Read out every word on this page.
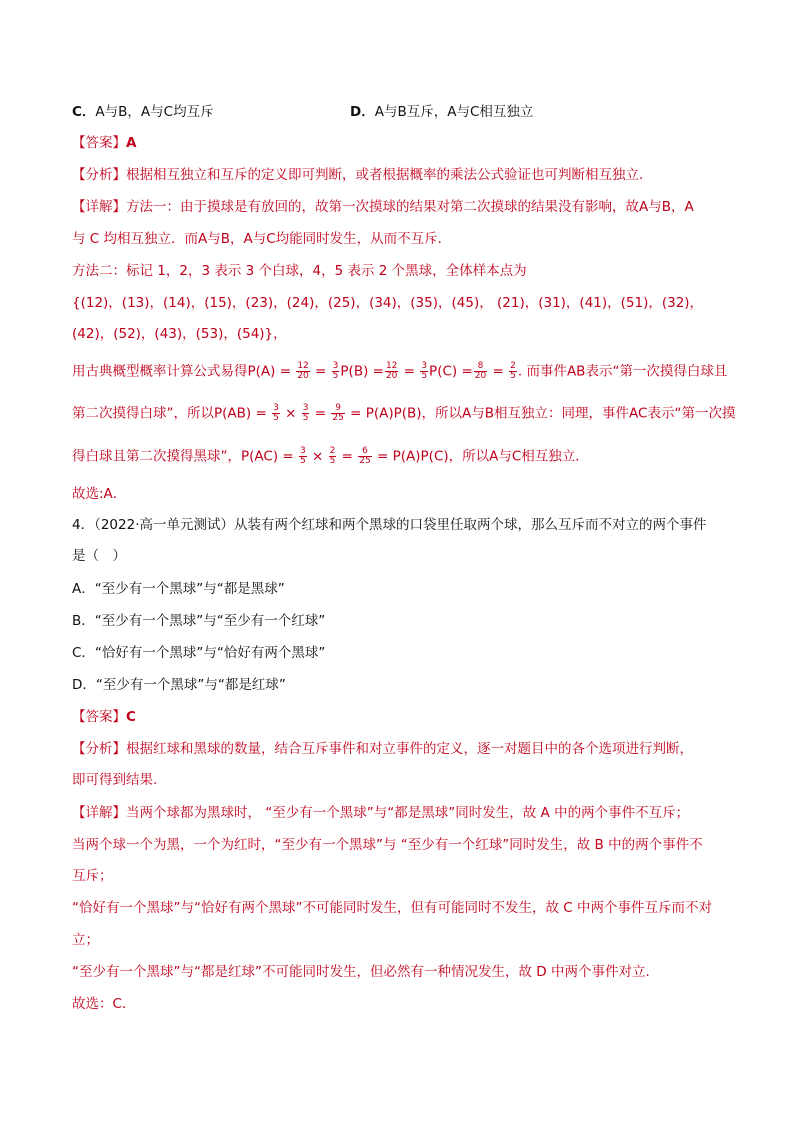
C．A与B，A与C均互斥	D．A与B互斥，A与C相互独立
【答案】A
【分析】根据相互独立和互斥的定义即可判断，或者根据概率的乘法公式验证也可判断相互独立.
【详解】方法一：由于摸球是有放回的，故第一次摸球的结果对第二次摸球的结果没有影响，故A与B，A
与 C 均相互独立．而A与B，A与C均能同时发生，从而不互斥．
方法二：标记 1，2，3 表示 3 个白球，4，5 表示 2 个黑球，全体样本点为
{(12)，(13)，(14)，(15)，(23)，(24)，(25)，(34)，(35)，(45)， (21)，(31)，(41)，(51)，(32)，
(42)，(52)，(43)，(53)，(54)}，
用古典概型概率计算公式易得$P(A) = \frac{12}{20} = \frac{3}{5} P(B) = \frac{12}{20} = \frac{3}{5} P(C) = \frac{8}{20} = \frac{2}{5}$ . 而事件AB表示“第一次摸得白球且
第二次摸得白球”，所以$P(AB) = \frac{3}{5} \times \frac{3}{5} = \frac{9}{25} = P(A)P(B)$，所以A与B相互独立：同理，事件AC表示“第一次摸
得白球且第二次摸得黑球”，$P(AC) = \frac{3}{5} \times \frac{2}{5} = \frac{6}{25} = P(A)P(C)$，所以A与C相互独立．
故选:A．
4．（2022·高一单元测试）从装有两个红球和两个黑球的口袋里任取两个球，那么互斥而不对立的两个事件
是（　）
A．“至少有一个黑球”与“都是黑球”
B．“至少有一个黑球”与“至少有一个红球”
C．“恰好有一个黑球”与“恰好有两个黑球”
D．“至少有一个黑球”与“都是红球”
【答案】C
【分析】根据红球和黑球的数量，结合互斥事件和对立事件的定义，逐一对题目中的各个选项进行判断，
即可得到结果.
【详解】当两个球都为黑球时， “至少有一个黑球”与“都是黑球”同时发生，故 A 中的两个事件不互斥；
当两个球一个为黑，一个为红时，“至少有一个黑球”与 “至少有一个红球”同时发生，故 B 中的两个事件不
互斥；
“恰好有一个黑球”与“恰好有两个黑球”不可能同时发生，但有可能同时不发生，故 C 中两个事件互斥而不对
立；
“至少有一个黑球”与“都是红球”不可能同时发生，但必然有一种情况发生，故 D 中两个事件对立．
故选：C．
